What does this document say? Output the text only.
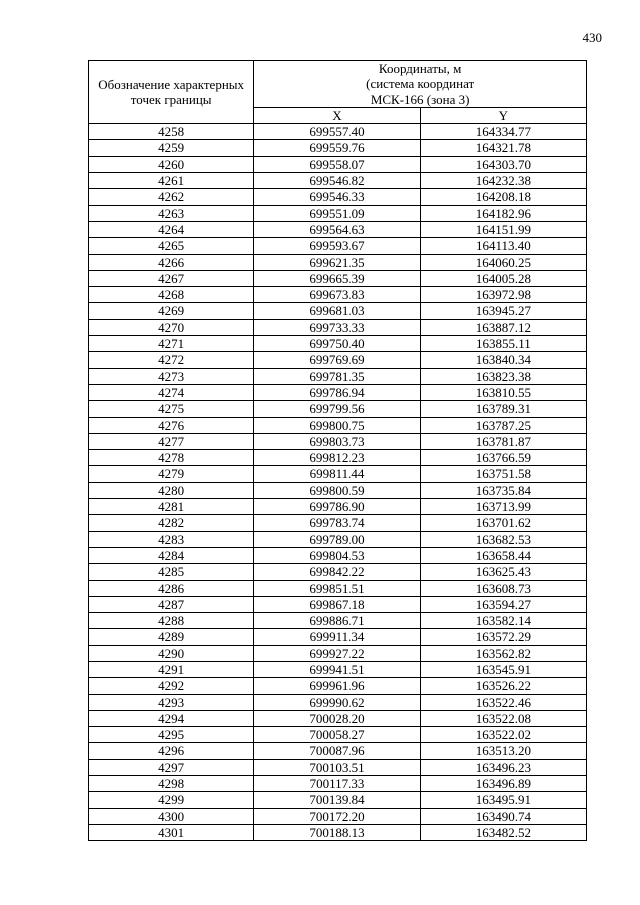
430
Обозначение характерных точек границы	Координаты, м
(система координат
МСК-166 (зона 3)	

	X	Y
4258	699557.40	164334.77
4259	699559.76	164321.78
4260	699558.07	164303.70
4261	699546.82	164232.38
4262	699546.33	164208.18
4263	699551.09	164182.96
4264	699564.63	164151.99
4265	699593.67	164113.40
4266	699621.35	164060.25
4267	699665.39	164005.28
4268	699673.83	163972.98
4269	699681.03	163945.27
4270	699733.33	163887.12
4271	699750.40	163855.11
4272	699769.69	163840.34
4273	699781.35	163823.38
4274	699786.94	163810.55
4275	699799.56	163789.31
4276	699800.75	163787.25
4277	699803.73	163781.87
4278	699812.23	163766.59
4279	699811.44	163751.58
4280	699800.59	163735.84
4281	699786.90	163713.99
4282	699783.74	163701.62
4283	699789.00	163682.53
4284	699804.53	163658.44
4285	699842.22	163625.43
4286	699851.51	163608.73
4287	699867.18	163594.27
4288	699886.71	163582.14
4289	699911.34	163572.29
4290	699927.22	163562.82
4291	699941.51	163545.91
4292	699961.96	163526.22
4293	699990.62	163522.46
4294	700028.20	163522.08
4295	700058.27	163522.02
4296	700087.96	163513.20
4297	700103.51	163496.23
4298	700117.33	163496.89
4299	700139.84	163495.91
4300	700172.20	163490.74
4301	700188.13	163482.52
